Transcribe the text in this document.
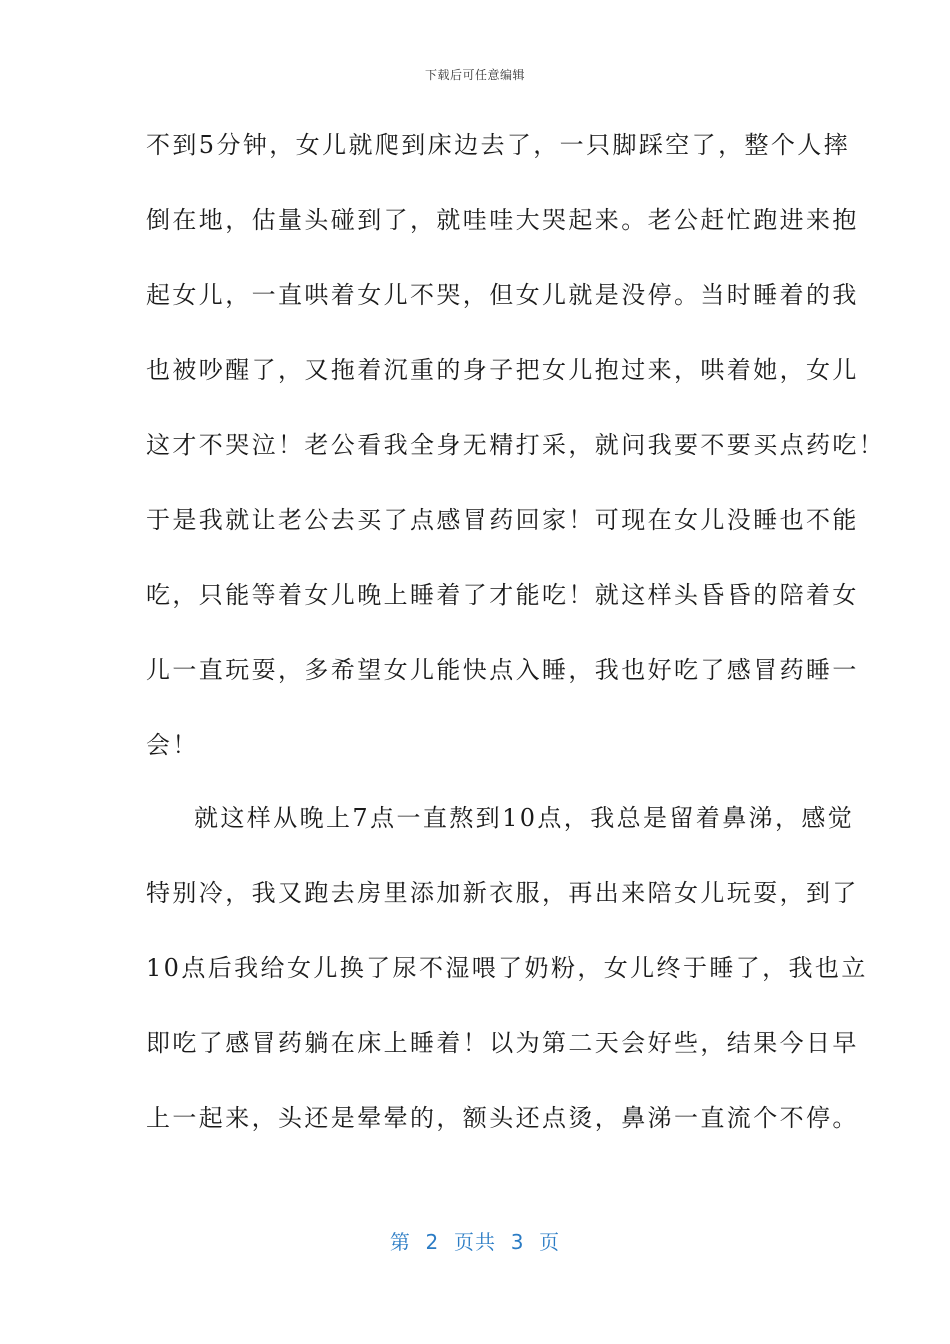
下载后可任意编辑
不到5分钟，女儿就爬到床边去了，一只脚踩空了，整个人摔
倒在地，估量头碰到了，就哇哇大哭起来。老公赶忙跑进来抱
起女儿，一直哄着女儿不哭，但女儿就是没停。当时睡着的我
也被吵醒了，又拖着沉重的身子把女儿抱过来，哄着她，女儿
这才不哭泣！老公看我全身无精打采，就问我要不要买点药吃！
于是我就让老公去买了点感冒药回家！可现在女儿没睡也不能
吃，只能等着女儿晚上睡着了才能吃！就这样头昏昏的陪着女
儿一直玩耍，多希望女儿能快点入睡，我也好吃了感冒药睡一
会！
就这样从晚上7点一直熬到10点，我总是留着鼻涕，感觉
特别冷，我又跑去房里添加新衣服，再出来陪女儿玩耍，到了
10点后我给女儿换了尿不湿喂了奶粉，女儿终于睡了，我也立
即吃了感冒药躺在床上睡着！以为第二天会好些，结果今日早
上一起来，头还是晕晕的，额头还点烫，鼻涕一直流个不停。
第  2  页共  3  页
